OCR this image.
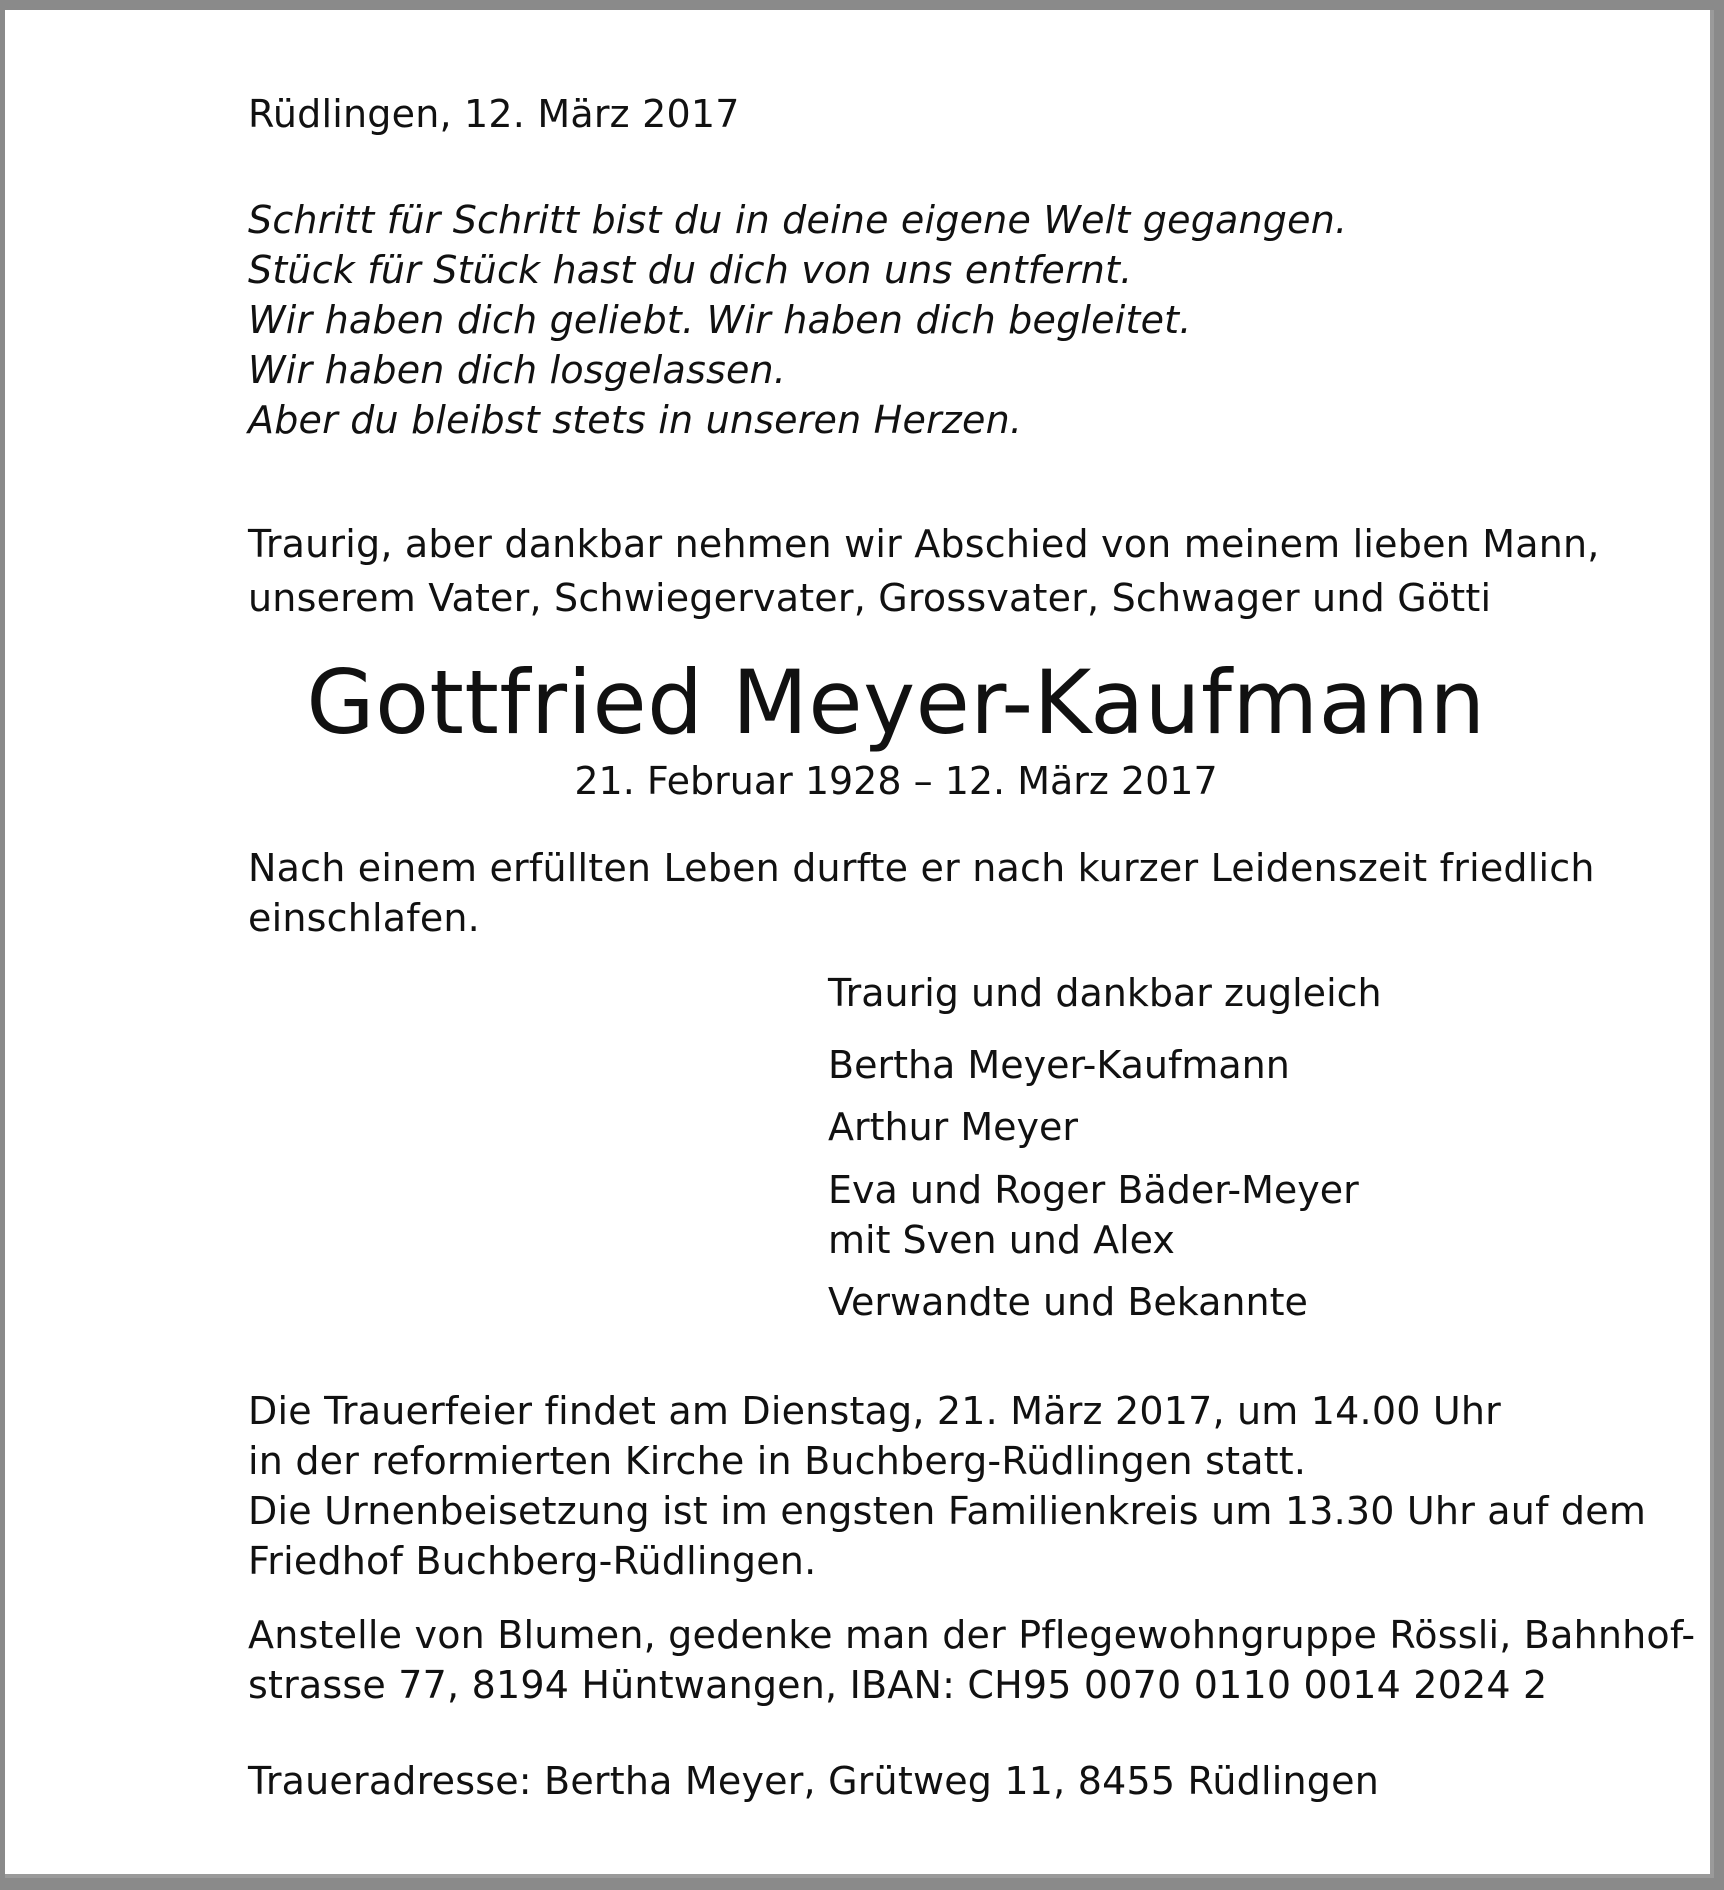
Rüdlingen, 12. März 2017

Schritt für Schritt bist du in deine eigene Welt gegangen.
Stück für Stück hast du dich von uns entfernt.
Wir haben dich geliebt. Wir haben dich begleitet.
Wir haben dich losgelassen.
Aber du bleibst stets in unseren Herzen.

Traurig, aber dankbar nehmen wir Abschied von meinem lieben Mann,

unserem Vater, Schwiegervater, Grossvater, Schwager und Götti

Gottfried Meyer-Kaufmann

21. Februar 1928 – 12. März 2017

Nach einem erfüllten Leben durfte er nach kurzer Leidenszeit friedlich

einschlafen.

Traurig und dankbar zugleich

Bertha Meyer-Kaufmann

Arthur Meyer

Eva und Roger Bäder-Meyer

mit Sven und Alex

Verwandte und Bekannte

Die Trauerfeier findet am Dienstag, 21. März 2017, um 14.00 Uhr

in der reformierten Kirche in Buchberg-Rüdlingen statt.

Die Urnenbeisetzung ist im engsten Familienkreis um 13.30 Uhr auf dem

Friedhof Buchberg-Rüdlingen.

Anstelle von Blumen, gedenke man der Pflegewohngruppe Rössli, Bahnhof-

strasse 77, 8194 Hüntwangen, IBAN: CH95 0070 0110 0014 2024 2

Traueradresse: Bertha Meyer, Grütweg 11, 8455 Rüdlingen
